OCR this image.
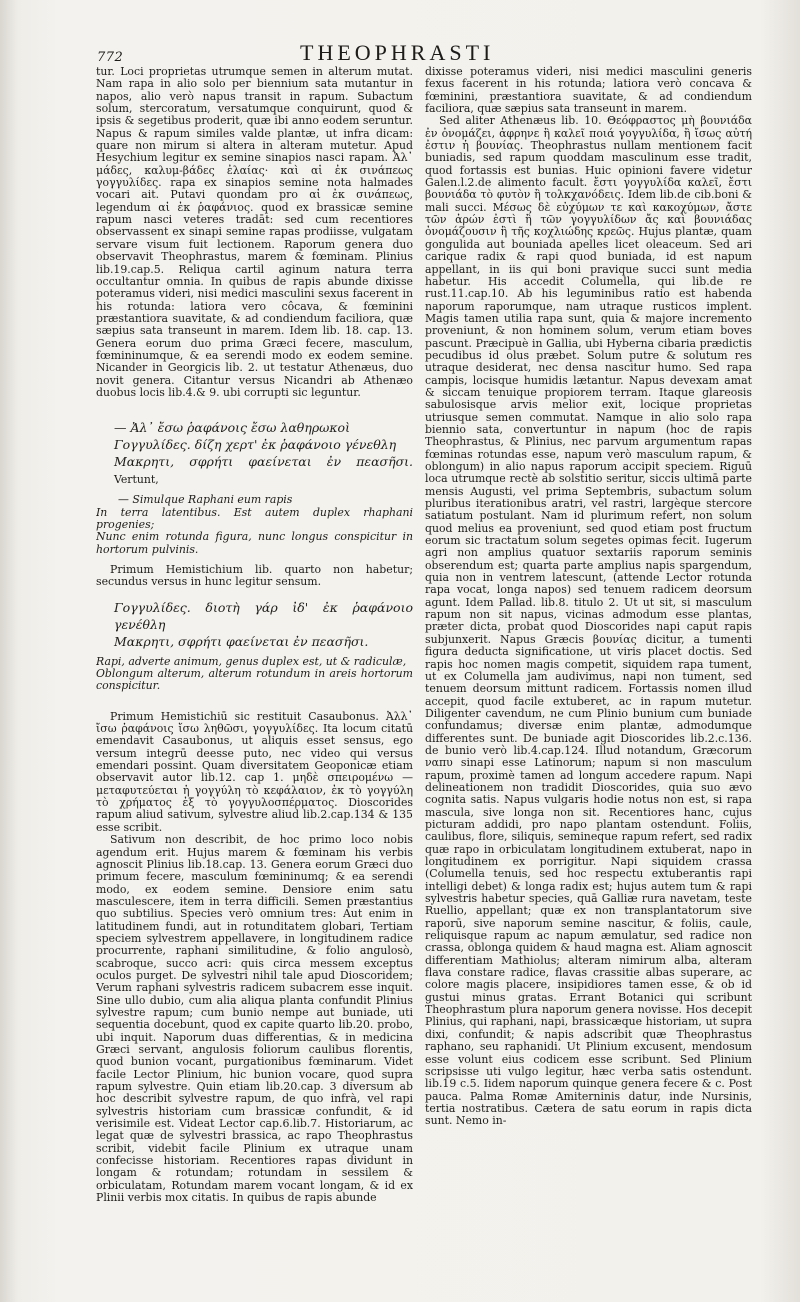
772	THEOPHRASTI

tur. Loci proprietas utrumque semen in alterum mutat. Nam rapa in alio solo per biennium sata mutantur in napos, alio verò napus transit in rapum. Subactum solum, stercoratum, versatumque conquirunt, quod & ipsis & segetibus proderit, quæ ibi anno eodem seruntur. Napus & rapum similes valde plantæ, ut infra dicam: quare non mirum si altera in alteram mutetur. Apud Hesychium legitur ex semine sinapios nasci rapam. Ἀλ᾽ μάδες, καλυμ-βάδες ἐλαίας· καὶ αἱ ἐκ σινάπεως γογγυλίδες. rapa ex sinapios semine nota halmades vocari ait. Putavi quondam pro αἱ ἐκ σινάπεως, legendum αἱ ἐκ ῥαφάνιος. quod ex brassicæ semine rapum nasci veteres tradāt: sed cum recentiores observassent ex sinapi semine rapas prodiisse, vulgatam servare visum fuit lectionem. Raporum genera duo observavit Theophrastus, marem & fœminam. Plinius lib.19.cap.5. Reliqua cartil aginum natura terra occultantur omnia. In quibus de rapis abunde dixisse poteramus videri, nisi medici masculini sexus facerent in his rotunda: latiora vero côcava, & fœminini præstantiora suavitate, & ad condiendum faciliora, quæ sæpius sata transeunt in marem. Idem lib. 18. cap. 13. Genera eorum duo prima Græci fecere, masculum, fœmininumque, & ea serendi modo ex eodem semine. Nicander in Georgicis lib. 2. ut testatur Athenæus, duo novit genera. Citantur versus Nicandri ab Athenæo duobus locis lib.4.& 9. ubi corrupti sic leguntur.

— Ἀλ᾽ ἔσω ῥαφάνοις ἔσω λαθηρωκοὶ
Γογγυλίδες. δίζη χερτ' ἐκ ῥαφάνοιο γένεθλη
Μακρητι, σφρήτι φαείνεται ἐν πεασῆσι. Vertunt,
— Simulque Raphani eum rapis
In terra latentibus. Est autem duplex rhaphani progenies;
Nunc enim rotunda figura, nunc longus conspicitur in hortorum pulvinis.

Primum Hemistichium lib. quarto non habetur; secundus versus in hunc legitur sensum.

Γογγυλίδες. διοτὴ γάρ ἰδ' ἐκ ῥαφάνοιο γενέθλη
Μακρητι, σφρήτι φαείνεται ἐν πεασῆσι.
Rapi, adverte animum, genus duplex est, ut & radiculæ,
Oblongum alterum, alterum rotundum in areis hortorum conspicitur.

Primum Hemistichiū sic restituit Casaubonus. Ἀλλ᾽ ἴσω ῥαφάνοις ἴσω ληθῶσι, γογγυλίδες. Ita locum citatū emendavit Casaubonus, ut aliquis esset sensus, ego versum integrū deesse puto, nec video qui versus emendari possint. Quam diversitatem Geoponicæ etiam observavit autor lib.12. cap 1. μηδὲ σπειρομένω — μεταφυτεύεται ἡ γογγύλη τὸ κεφάλαιον, ἐκ τὸ γογγύλη τὸ χρήματος ἐξ τὸ γογγυλοσπέρματος. Dioscorides rapum aliud sativum, sylvestre aliud lib.2.cap.134 & 135 esse scribit.

Sativum non describit, de hoc primo loco nobis agendum erit. Hujus marem & fœminam his verbis agnoscit Plinius lib.18.cap. 13. Genera eorum Græci duo primum fecere, masculum fœmininumq; & ea serendi modo, ex eodem semine. Densiore enim satu masculescere, item in terra difficili. Semen præstantius quo subtilius. Species verò omnium tres: Aut enim in latitudinem fundi, aut in rotunditatem globari, Tertiam speciem sylvestrem appellavere, in longitudinem radice procurrente, raphani similitudine, & folio angulosò, scabroque, succo acri: quis circa messem exceptus oculos purget. De sylvestri nihil tale apud Dioscoridem; Verum raphani sylvestris radicem subacrem esse inquit. Sine ullo dubio, cum alia aliqua planta confundit Plinius sylvestre rapum; cum bunio nempe aut buniade, uti sequentia docebunt, quod ex capite quarto lib.20. probo, ubi inquit. Naporum duas differentias, & in medicina Græci servant, angulosis foliorum caulibus florentis, quod bunion vocant, purgationibus fœminarum. Videt facile Lector Plinium, hic bunion vocare, quod supra rapum sylvestre. Quin etiam lib.20.cap. 3 diversum ab hoc describit sylvestre rapum, de quo infrà, vel rapi sylvestris historiam cum brassicæ confundit, & id verisimile est. Videat Lector cap.6.lib.7. Historiarum, ac legat quæ de sylvestri brassica, ac rapo Theophrastus scribit, videbit facile Plinium ex utraque unam confecisse historiam. Recentiores rapas dividunt in longam & rotundam; rotundam in sessilem & orbiculatam, Rotundam marem vocant longam, & id ex Plinii verbis mox citatis. In quibus de rapis abunde

dixisse poteramus videri, nisi medici masculini generis fexus facerent in his rotunda; latiora verò concava & fœminini, præstantiora suavitate, & ad condiendum faciliora, quæ sæpius sata transeunt in marem.

Sed aliter Athenæus lib. 10. Θεόφραστος μὴ βουνιάδα ἐν ὀνομάζει, ἀφρηνε ἢ καλεῖ ποιά γογγυλίδα, ἢ ἴσως αὐτή ἐστιν ἡ βουνίας. Theophrastus nullam mentionem facit buniadis, sed rapum quoddam masculinum esse tradit, quod fortassis est bunias. Huic opinioni favere videtur Galen.l.2.de alimento facult. ἔστι γογγυλίδα καλεῖ, ἔστι βουνιάδα τὸ φυτὸν ἢ τολκχανόδεις. Idem lib.de cib.boni & mali succi. Μέσως δὲ εὐχύμων τε καὶ κακοχύμων, ἄστε τῶν ἀρών ἐστὶ ἢ τῶν γογγυλίδων ἄς καὶ βουνιάδας ὀνομάζουσιν ἢ τῆς κοχλιώδης κρεῶς. Hujus plantæ, quam gongulida aut bouniada apelles licet oleaceum. Sed ari carique radix & rapi quod buniada, id est napum appellant, in iis qui boni pravique succi sunt media habetur. His accedit Columella, qui lib.de re rust.11.cap.10. Ab his leguminibus ratio est habenda naporum raporumque, nam utraque rusticos implent. Magis tamen utilia rapa sunt, quia & majore incremento proveniunt, & non hominem solum, verum etiam boves pascunt. Præcipuè in Gallia, ubi Hyberna cibaria prædictis pecudibus id olus præbet. Solum putre & solutum res utraque desiderat, nec densa nascitur humo. Sed rapa campis, locisque humidis lætantur. Napus devexam amat & siccam tenuique propiorem terram. Itaque glareosis sabulosisque arvis melior exit, locique proprietas utriusque semen commutat. Namque in alio solo rapa biennio sata, convertuntur in napum (hoc de rapis Theophrastus, & Plinius, nec parvum argumentum rapas fœminas rotundas esse, napum verò masculum rapum, & oblongum) in alio napus raporum accipit speciem. Riguū loca utrumque rectè ab solstitio seritur, siccis ultimā parte mensis Augusti, vel prima Septembris, subactum solum pluribus iterationibus aratri, vel rastri, largèque stercore satiatum postulant. Nam id plurimum refert, non solum quod melius ea proveniunt, sed quod etiam post fructum eorum sic tractatum solum segetes opimas fecit. Iugerum agri non amplius quatuor sextariis raporum seminis obserendum est; quarta parte amplius napis spargendum, quia non in ventrem latescunt, (attende Lector rotunda rapa vocat, longa napos) sed tenuem radicem deorsum agunt. Idem Pallad. lib.8. titulo 2. Ut ut sit, si masculum rapum non sit napus, vicinas admodum esse plantas, præter dicta, probat quod Dioscorides napi caput rapis subjunxerit. Napus Græcis βουνίας dicitur, a tumenti figura deducta significatione, ut viris placet doctis. Sed rapis hoc nomen magis competit, siquidem rapa tument, ut ex Columella jam audivimus, napi non tument, sed tenuem deorsum mittunt radicem. Fortassis nomen illud accepit, quod facile extuberet, ac in rapum mutetur. Diligenter cavendum, ne cum Plinio bunium cum buniade confundamus; diversæ enim plantæ, admodumque differentes sunt. De buniade agit Dioscorides lib.2.c.136. de bunio verò lib.4.cap.124. Illud notandum, Græcorum ναπυ sinapi esse Latinorum; napum si non masculum rapum, proximè tamen ad longum accedere rapum. Napi delineationem non tradidit Dioscorides, quia suo ævo cognita satis. Napus vulgaris hodie notus non est, si rapa mascula, sive longa non sit. Recentiores hanc, cujus picturam addidi, pro napo plantam ostendunt. Foliis, caulibus, flore, siliquis, semineque rapum refert, sed radix quæ rapo in orbiculatam longitudinem extuberat, napo in longitudinem ex porrigitur. Napi siquidem crassa (Columella tenuis, sed hoc respectu extuberantis rapi intelligi debet) & longa radix est; hujus autem tum & rapi sylvestris habetur species, quā Galliæ rura navetam, teste Ruellio, appellant; quæ ex non transplantatorum sive raporū, sive naporum semine nascitur, & foliis, caule, reliquisque rapum ac napum æmulatur, sed radice non crassa, oblonga quidem & haud magna est. Aliam agnoscit differentiam Mathiolus; alteram nimirum alba, alteram flava constare radice, flavas crassitie albas superare, ac colore magis placere, insipidiores tamen esse, & ob id gustui minus gratas. Errant Botanici qui scribunt Theophrastum plura naporum genera novisse. Hos decepit Plinius, qui raphani, napi, brassicæque historiam, ut supra dixi, confundit; & napis adscribit quæ Theophrastus raphano, seu raphanidi. Ut Plinium excusent, mendosum esse volunt eius codicem esse scribunt. Sed Plinium scripsisse uti vulgo legitur, hæc verba satis ostendunt. lib.19 c.5. Iidem naporum quinque genera fecere & c. Post pauca. Palma Romæ Amiterninis datur, inde Nursinis, tertia nostratibus. Cætera de satu eorum in rapis dicta sunt. Nemo in-
